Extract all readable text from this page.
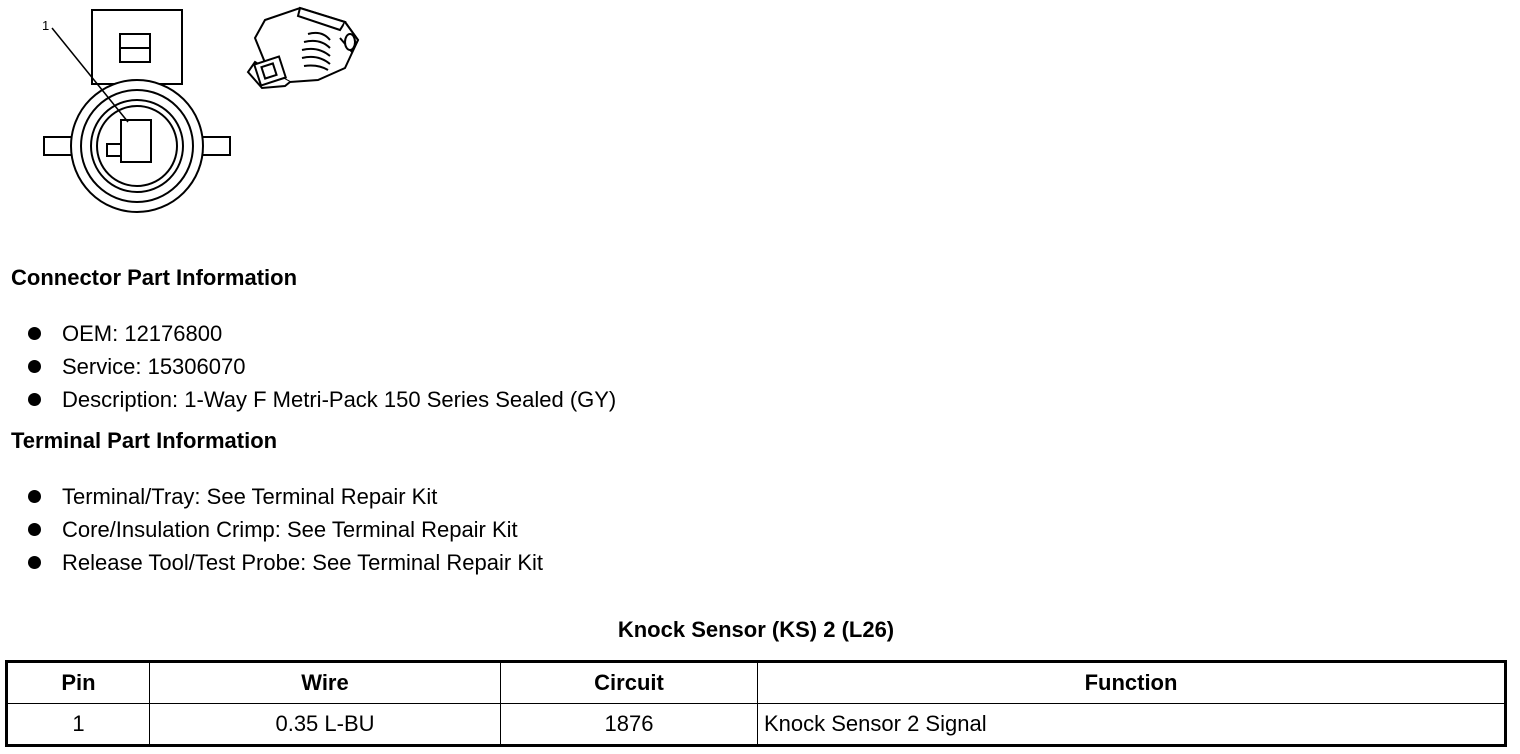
1
Connector Part Information
OEM: 12176800
Service: 15306070
Description: 1-Way F Metri-Pack 150 Series Sealed (GY)
Terminal Part Information
Terminal/Tray: See Terminal Repair Kit
Core/Insulation Crimp: See Terminal Repair Kit
Release Tool/Test Probe: See Terminal Repair Kit
Knock Sensor (KS) 2 (L26)
Pin	Wire	Circuit	Function
1	0.35 L-BU	1876	Knock Sensor 2 Signal
